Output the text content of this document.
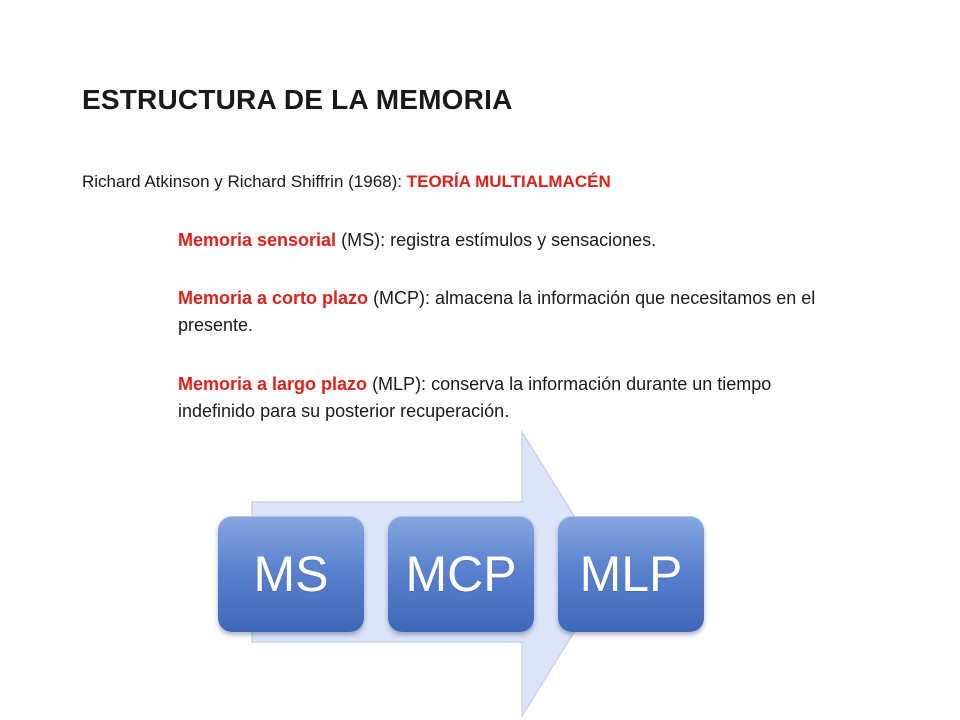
ESTRUCTURA DE LA MEMORIA
Richard Atkinson y Richard Shiffrin (1968): TEORÍA MULTIALMACÉN
Memoria sensorial (MS): registra estímulos y sensaciones.
Memoria a corto plazo (MCP): almacena la información que necesitamos en el presente.
Memoria a largo plazo (MLP): conserva la información durante un tiempo indefinido para su posterior recuperación.
MS MCP MLP
